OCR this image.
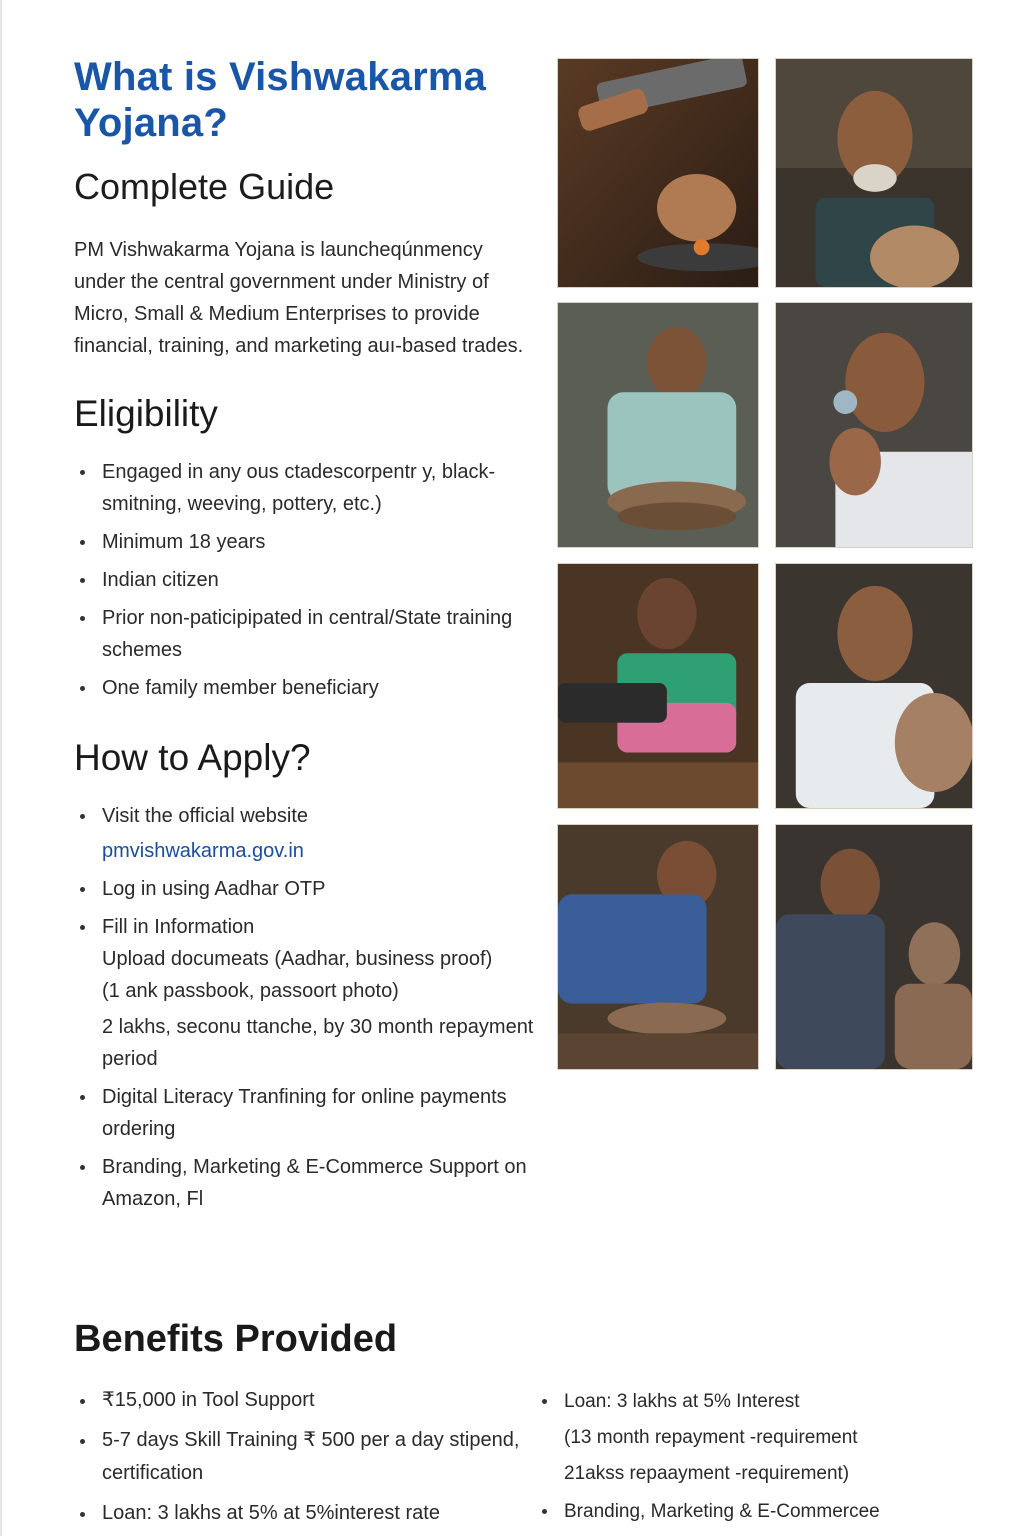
What is Vishwakarma Yojana?
Complete Guide

PM Vishwakarma Yojana is launcheqúnmency under the central government under Ministry of Micro, Small & Medium Enterprises to provide financial, training, and marketing auı-based trades.

Eligibility
Engaged in any ous ctadescorpentr y, black-smitning, weeving, pottery, etc.)
Minimum 18 years
Indian citizen
Prior non-paticipipated in central/State training schemes
One family member beneficiary
How to Apply?
Visit the official website
pmvishwakarma.gov.in
Log in using Aadhar OTP
Fill in Information
Upload documeats (Aadhar, business proof)
(1 ank passbook, passoort photo)
2 lakhs, seconu ttanche, by 30 month repayment period
Digital Literacy Tranfining for online payments ordering
Branding, Marketing & E-Commerce Support on Amazon, Fl
Benefits Provided
₹15,000 in Tool Support
5-7 days Skill Training ₹ 500 per a day stipend, certification
Loan: 3 lakhs at 5% at 5%interest rate
Loan: 3 lakhs at 5% Interest
(13 month repayment -requirement
21akss repaayment -requirement)
Branding, Marketing & E-Commercee
